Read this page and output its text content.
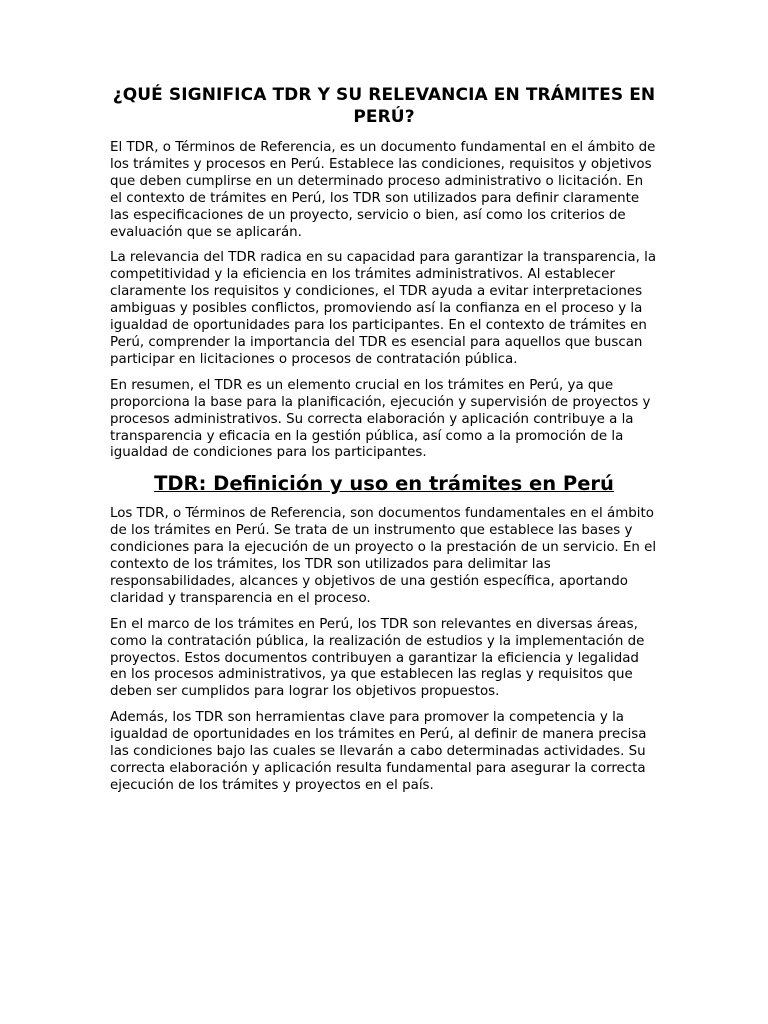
¿QUÉ SIGNIFICA TDR Y SU RELEVANCIA EN TRÁMITES EN PERÚ?

El TDR, o Términos de Referencia, es un documento fundamental en el ámbito de los trámites y procesos en Perú. Establece las condiciones, requisitos y objetivos que deben cumplirse en un determinado proceso administrativo o licitación. En el contexto de trámites en Perú, los TDR son utilizados para definir claramente las especificaciones de un proyecto, servicio o bien, así como los criterios de evaluación que se aplicarán.

La relevancia del TDR radica en su capacidad para garantizar la transparencia, la competitividad y la eficiencia en los trámites administrativos. Al establecer claramente los requisitos y condiciones, el TDR ayuda a evitar interpretaciones ambiguas y posibles conflictos, promoviendo así la confianza en el proceso y la igualdad de oportunidades para los participantes. En el contexto de trámites en Perú, comprender la importancia del TDR es esencial para aquellos que buscan participar en licitaciones o procesos de contratación pública.

En resumen, el TDR es un elemento crucial en los trámites en Perú, ya que proporciona la base para la planificación, ejecución y supervisión de proyectos y procesos administrativos. Su correcta elaboración y aplicación contribuye a la transparencia y eficacia en la gestión pública, así como a la promoción de la igualdad de condiciones para los participantes.

TDR: Definición y uso en trámites en Perú

Los TDR, o Términos de Referencia, son documentos fundamentales en el ámbito de los trámites en Perú. Se trata de un instrumento que establece las bases y condiciones para la ejecución de un proyecto o la prestación de un servicio. En el contexto de los trámites, los TDR son utilizados para delimitar las responsabilidades, alcances y objetivos de una gestión específica, aportando claridad y transparencia en el proceso.

En el marco de los trámites en Perú, los TDR son relevantes en diversas áreas, como la contratación pública, la realización de estudios y la implementación de proyectos. Estos documentos contribuyen a garantizar la eficiencia y legalidad en los procesos administrativos, ya que establecen las reglas y requisitos que deben ser cumplidos para lograr los objetivos propuestos.

Además, los TDR son herramientas clave para promover la competencia y la igualdad de oportunidades en los trámites en Perú, al definir de manera precisa las condiciones bajo las cuales se llevarán a cabo determinadas actividades. Su correcta elaboración y aplicación resulta fundamental para asegurar la correcta ejecución de los trámites y proyectos en el país.
